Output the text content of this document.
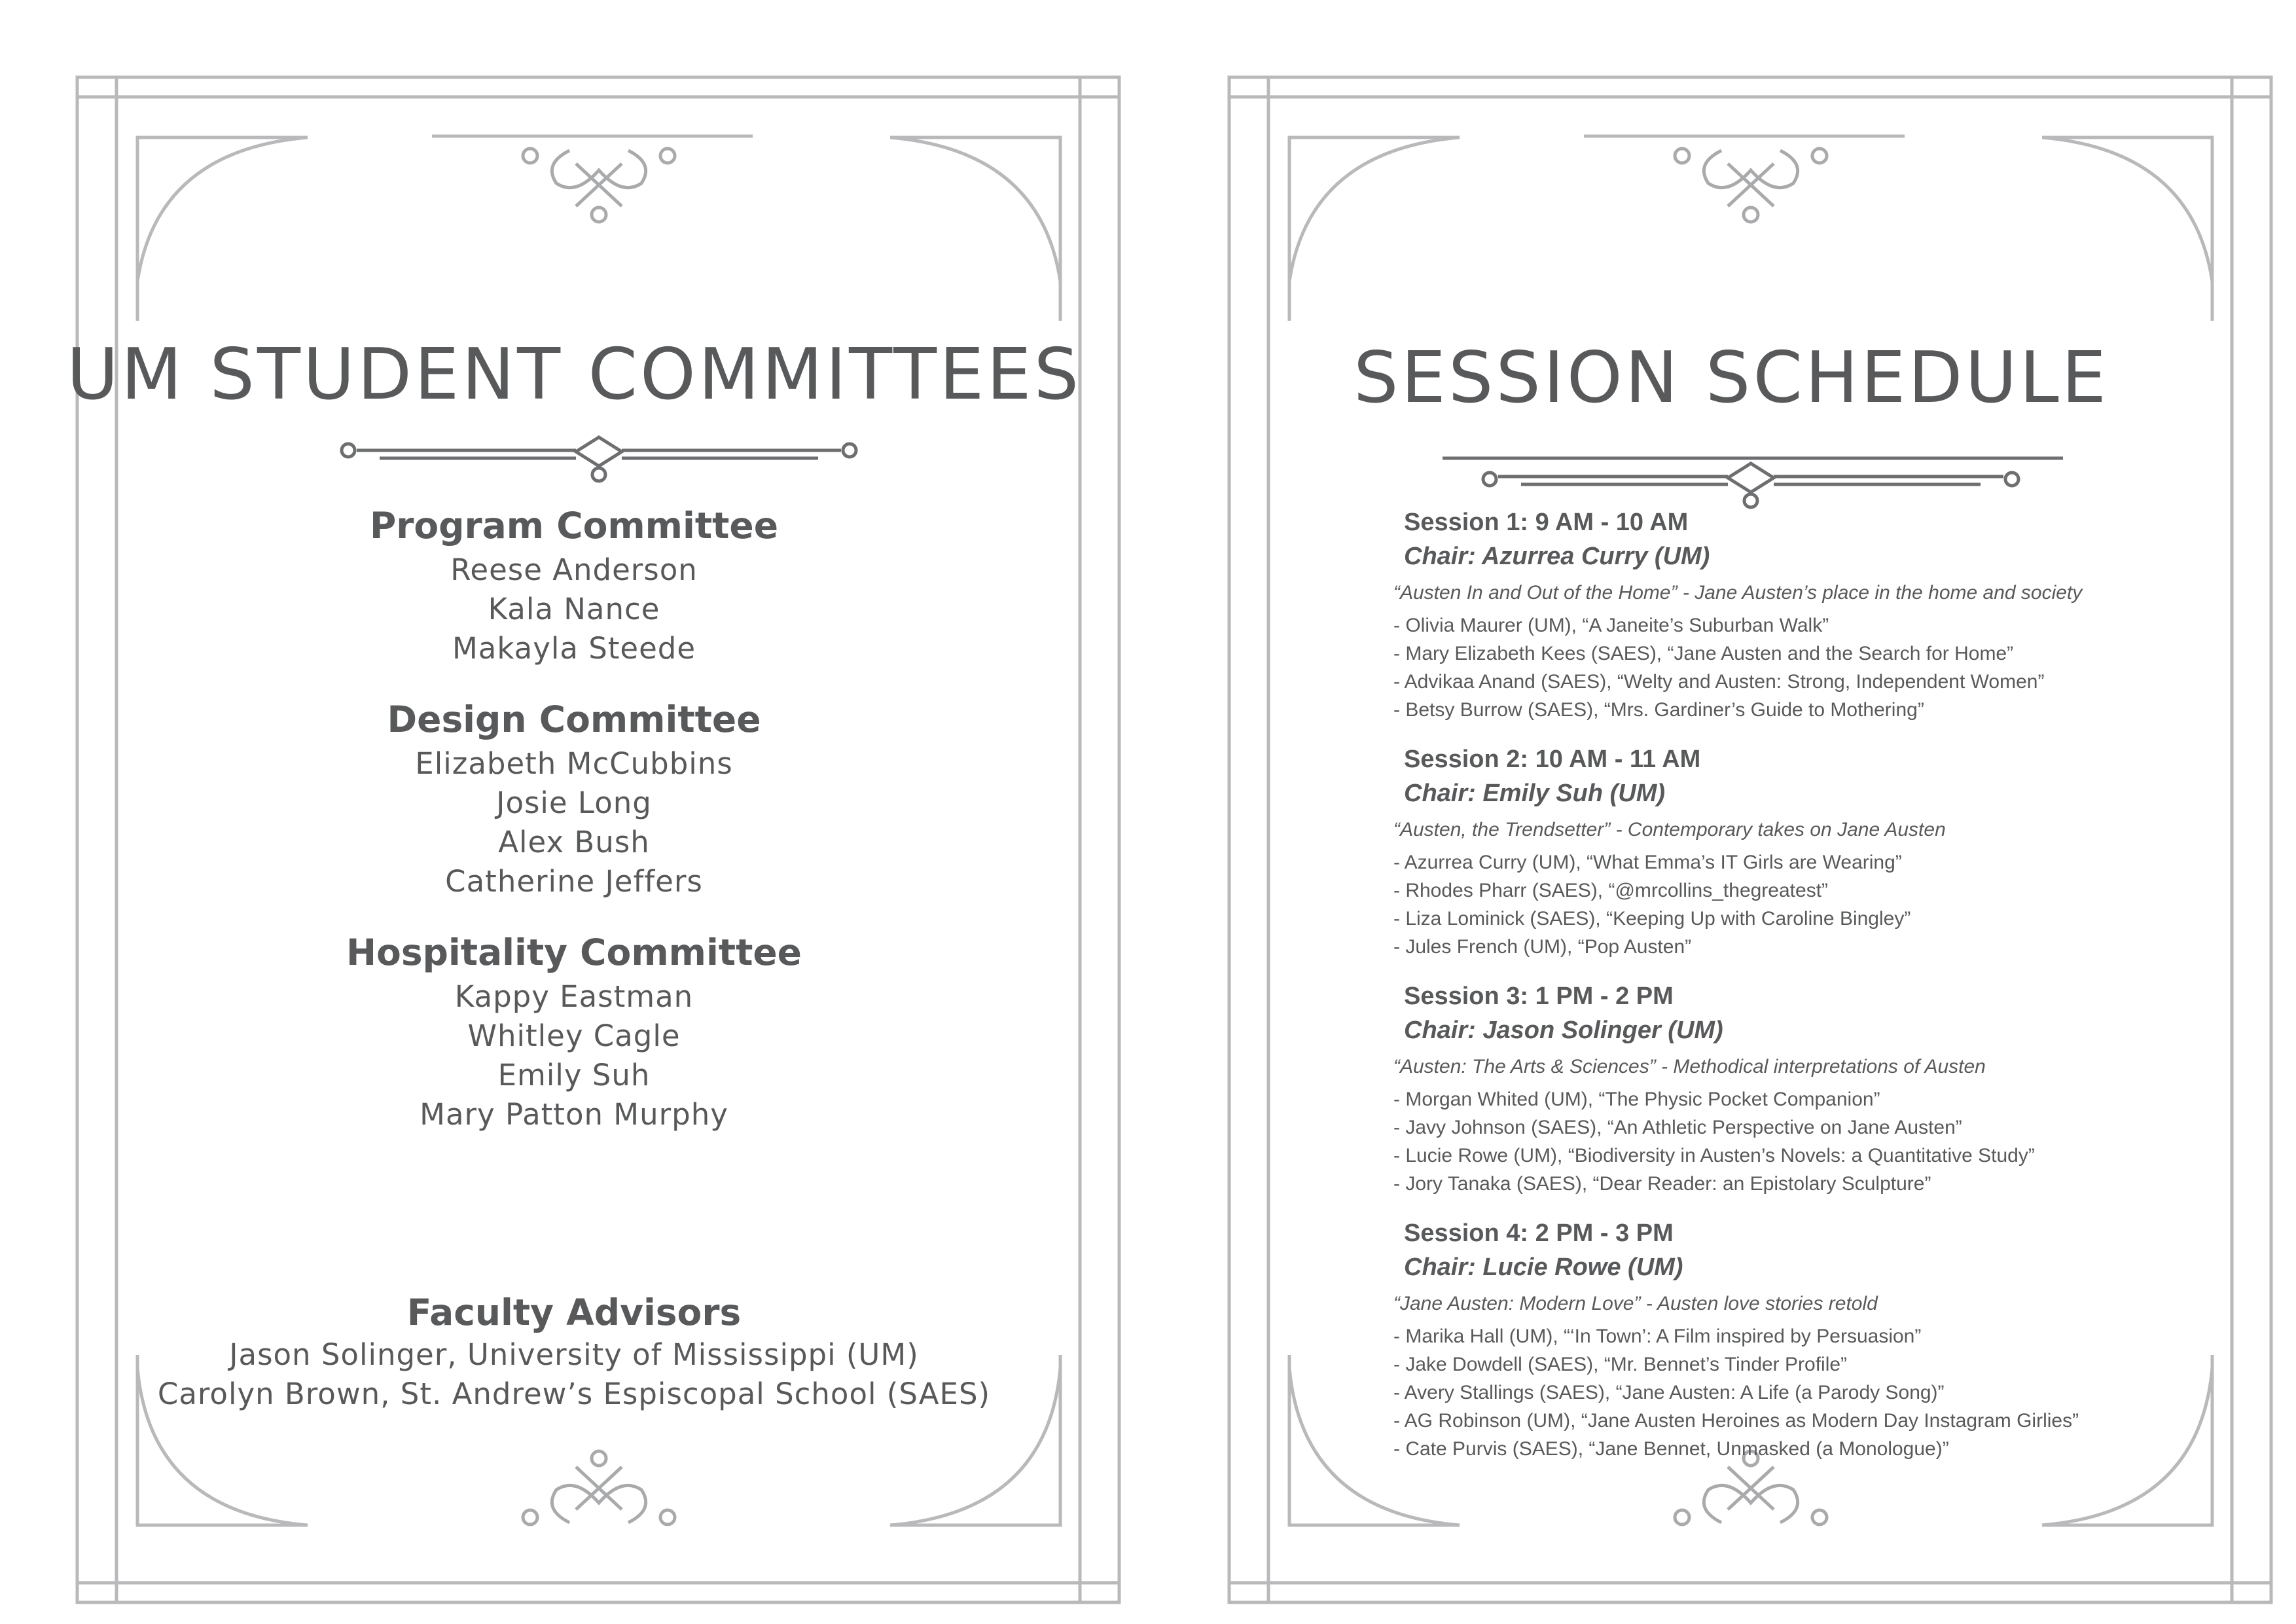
UM STUDENT COMMITTEES
Program Committee
Reese Anderson
Kala Nance
Makayla Steede
Design Committee
Elizabeth McCubbins
Josie Long
Alex Bush
Catherine Jeffers
Hospitality Committee
Kappy Eastman
Whitley Cagle
Emily Suh
Mary Patton Murphy
Faculty Advisors
Jason Solinger, University of Mississippi (UM)
Carolyn Brown, St. Andrew’s Espiscopal School (SAES)
SESSION SCHEDULE
Session 1: 9 AM - 10 AM
Chair: Azurrea Curry (UM)
“Austen In and Out of the Home” - Jane Austen’s place in the home and society
- Olivia Maurer (UM), “A Janeite’s Suburban Walk”
- Mary Elizabeth Kees (SAES), “Jane Austen and the Search for Home”
- Advikaa Anand (SAES), “Welty and Austen: Strong, Independent Women”
- Betsy Burrow (SAES), “Mrs. Gardiner’s Guide to Mothering”
Session 2: 10 AM - 11 AM
Chair: Emily Suh (UM)
“Austen, the Trendsetter” - Contemporary takes on Jane Austen
- Azurrea Curry (UM), “What Emma’s IT Girls are Wearing”
- Rhodes Pharr (SAES), “@mrcollins_thegreatest”
- Liza Lominick (SAES), “Keeping Up with Caroline Bingley”
- Jules French (UM), “Pop Austen”
Session 3: 1 PM - 2 PM
Chair: Jason Solinger (UM)
“Austen: The Arts & Sciences” - Methodical interpretations of Austen
- Morgan Whited (UM), “The Physic Pocket Companion”
- Javy Johnson (SAES), “An Athletic Perspective on Jane Austen”
- Lucie Rowe (UM), “Biodiversity in Austen’s Novels: a Quantitative Study”
- Jory Tanaka (SAES), “Dear Reader: an Epistolary Sculpture”
Session 4: 2 PM - 3 PM
Chair: Lucie Rowe (UM)
“Jane Austen: Modern Love” - Austen love stories retold
- Marika Hall (UM), “‘In Town’: A Film inspired by Persuasion”
- Jake Dowdell (SAES), “Mr. Bennet’s Tinder Profile”
- Avery Stallings (SAES), “Jane Austen: A Life (a Parody Song)”
- AG Robinson (UM), “Jane Austen Heroines as Modern Day Instagram Girlies”
- Cate Purvis (SAES), “Jane Bennet, Unmasked (a Monologue)”
